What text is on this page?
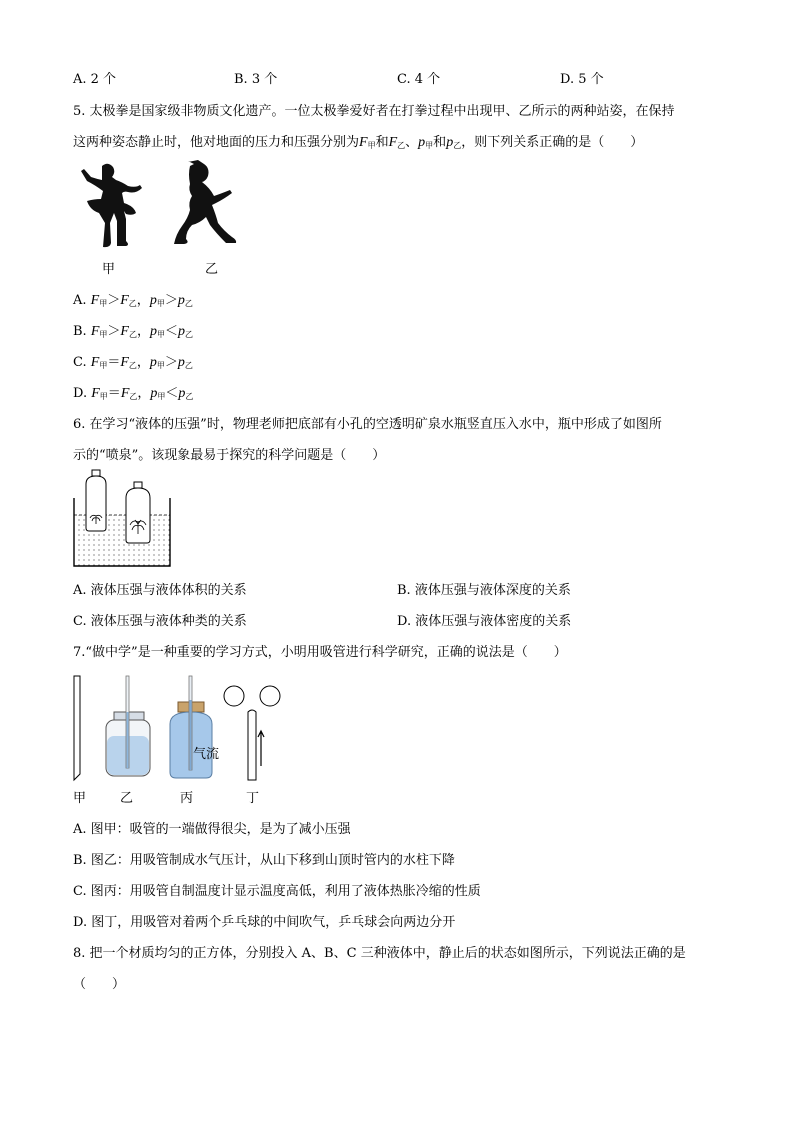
A. 2 个	B. 3 个	C. 4 个	D. 5 个
5. 太极拳是国家级非物质文化遗产。一位太极拳爱好者在打拳过程中出现甲、乙所示的两种站姿，在保持
这两种姿态静止时，他对地面的压力和压强分别为$F_甲$和$F_乙$、$p_甲$和$p_乙$，则下列关系正确的是（　　）
甲	乙
A. $F_甲>F_乙$，$p_甲>p_乙$
B. $F_甲>F_乙$，$p_甲<p_乙$
C. $F_甲=F_乙$，$p_甲>p_乙$
D. $F_甲=F_乙$，$p_甲<p_乙$
6. 在学习“液体的压强”时，物理老师把底部有小孔的空透明矿泉水瓶竖直压入水中，瓶中形成了如图所
示的“喷泉”。该现象最易于探究的科学问题是（　　）
A. 液体压强与液体体积的关系	B. 液体压强与液体深度的关系
C. 液体压强与液体种类的关系	D. 液体压强与液体密度的关系
7.“做中学”是一种重要的学习方式，小明用吸管进行科学研究，正确的说法是（　　）
气流
甲	乙	丙	丁
A. 图甲：吸管的一端做得很尖，是为了减小压强
B. 图乙：用吸管制成水气压计，从山下移到山顶时管内的水柱下降
C. 图丙：用吸管自制温度计显示温度高低，利用了液体热胀冷缩的性质
D. 图丁，用吸管对着两个乒乓球的中间吹气，乒乓球会向两边分开
8. 把一个材质均匀的正方体，分别投入 A、B、C 三种液体中，静止后的状态如图所示，下列说法正确的是
（　　）
